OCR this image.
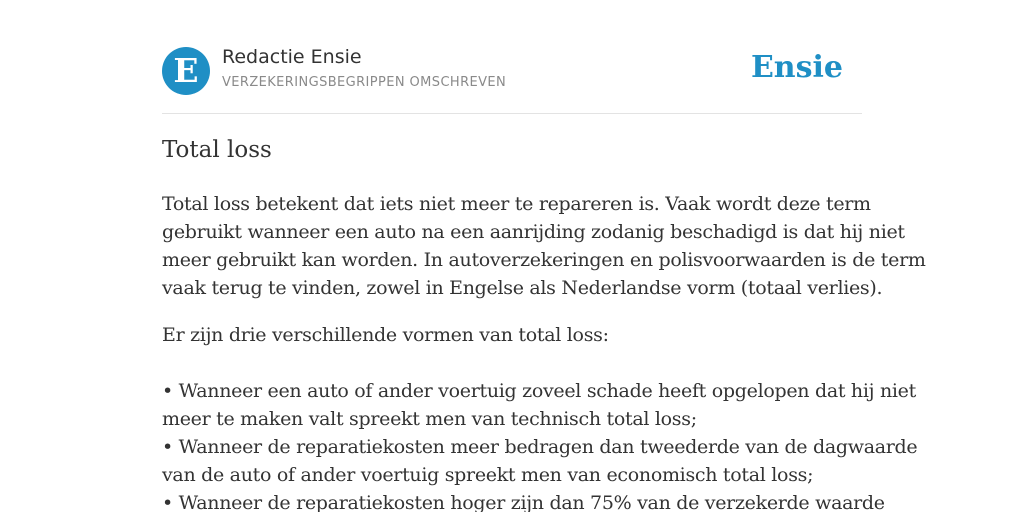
E	Redactie Ensie
VERZEKERINGSBEGRIPPEN OMSCHREVEN	Ensie
Total loss

Total loss betekent dat iets niet meer te repareren is. Vaak wordt deze term
gebruikt wanneer een auto na een aanrijding zodanig beschadigd is dat hij niet
meer gebruikt kan worden. In autoverzekeringen en polisvoorwaarden is de term
vaak terug te vinden, zowel in Engelse als Nederlandse vorm (totaal verlies).

Er zijn drie verschillende vormen van total loss:
• Wanneer een auto of ander voertuig zoveel schade heeft opgelopen dat hij niet
meer te maken valt spreekt men van technisch total loss;
• Wanneer de reparatiekosten meer bedragen dan tweederde van de dagwaarde
van de auto of ander voertuig spreekt men van economisch total loss;
• Wanneer de reparatiekosten hoger zijn dan 75% van de verzekerde waarde
